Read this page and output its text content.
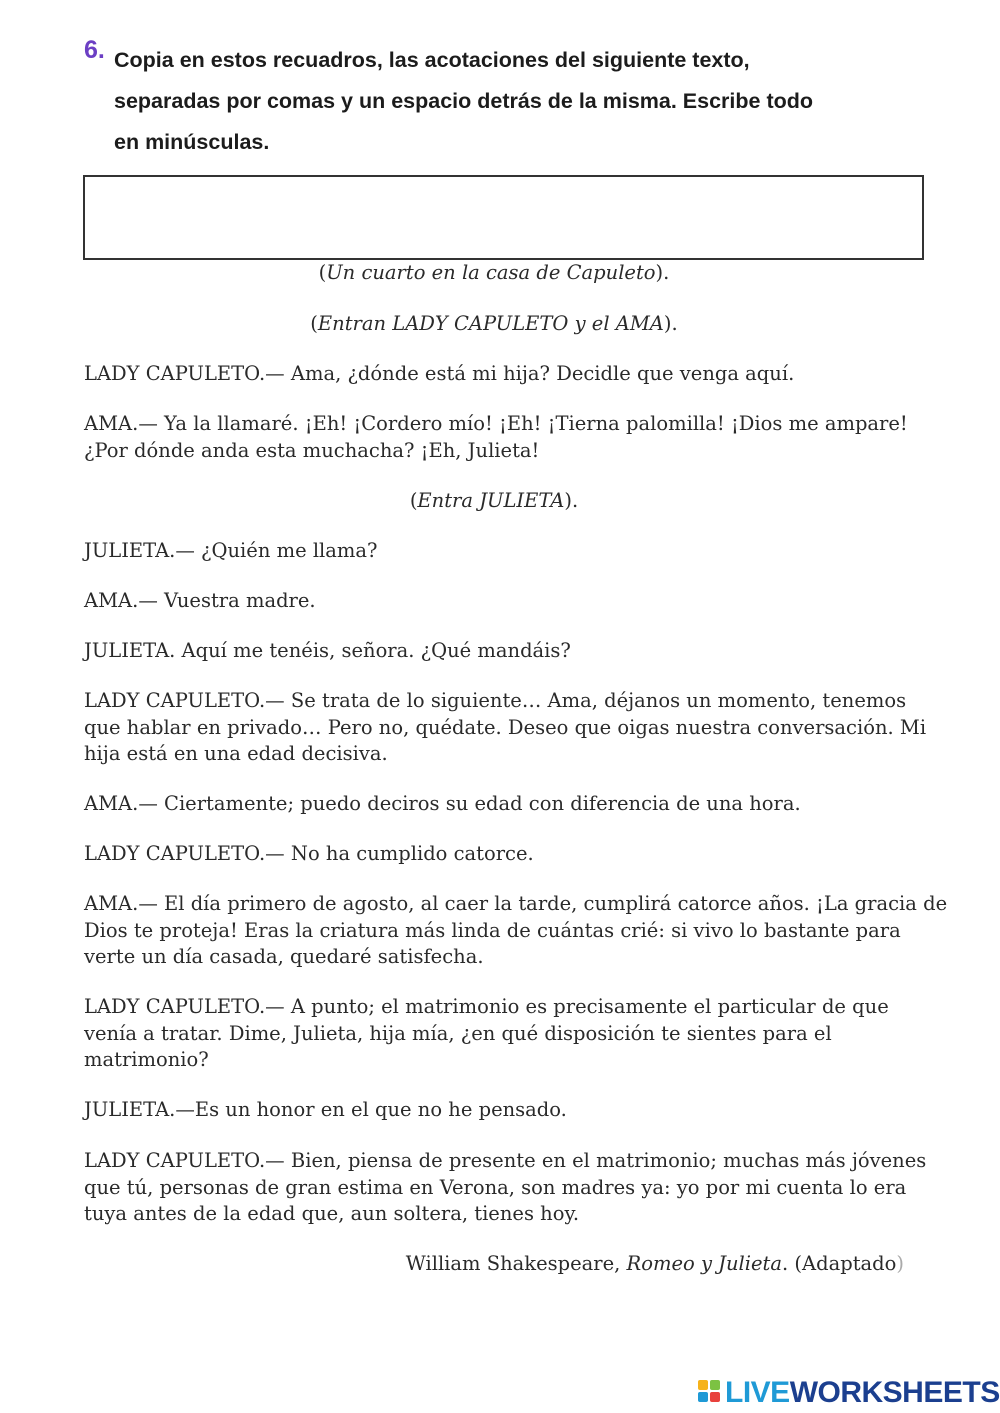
6. Copia en estos recuadros, las acotaciones del siguiente texto,
separadas por comas y un espacio detrás de la misma. Escribe todo
en minúsculas.
(Un cuarto en la casa de Capuleto).
(Entran LADY CAPULETO y el AMA).
LADY CAPULETO.— Ama, ¿dónde está mi hija? Decidle que venga aquí.
AMA.— Ya la llamaré. ¡Eh! ¡Cordero mío! ¡Eh! ¡Tierna palomilla! ¡Dios me ampare!
¿Por dónde anda esta muchacha? ¡Eh, Julieta!
(Entra JULIETA).
JULIETA.— ¿Quién me llama?
AMA.— Vuestra madre.
JULIETA. Aquí me tenéis, señora. ¿Qué mandáis?
LADY CAPULETO.— Se trata de lo siguiente… Ama, déjanos un momento, tenemos
que hablar en privado… Pero no, quédate. Deseo que oigas nuestra conversación. Mi
hija está en una edad decisiva.
AMA.— Ciertamente; puedo deciros su edad con diferencia de una hora.
LADY CAPULETO.— No ha cumplido catorce.
AMA.— El día primero de agosto, al caer la tarde, cumplirá catorce años. ¡La gracia de
Dios te proteja! Eras la criatura más linda de cuántas crié: si vivo lo bastante para
verte un día casada, quedaré satisfecha.
LADY CAPULETO.— A punto; el matrimonio es precisamente el particular de que
venía a tratar. Dime, Julieta, hija mía, ¿en qué disposición te sientes para el
matrimonio?
JULIETA.—Es un honor en el que no he pensado.
LADY CAPULETO.— Bien, piensa de presente en el matrimonio; muchas más jóvenes
que tú, personas de gran estima en Verona, son madres ya: yo por mi cuenta lo era
tuya antes de la edad que, aun soltera, tienes hoy.
William Shakespeare, Romeo y Julieta. (Adaptado)
LIVEWORKSHEETS
